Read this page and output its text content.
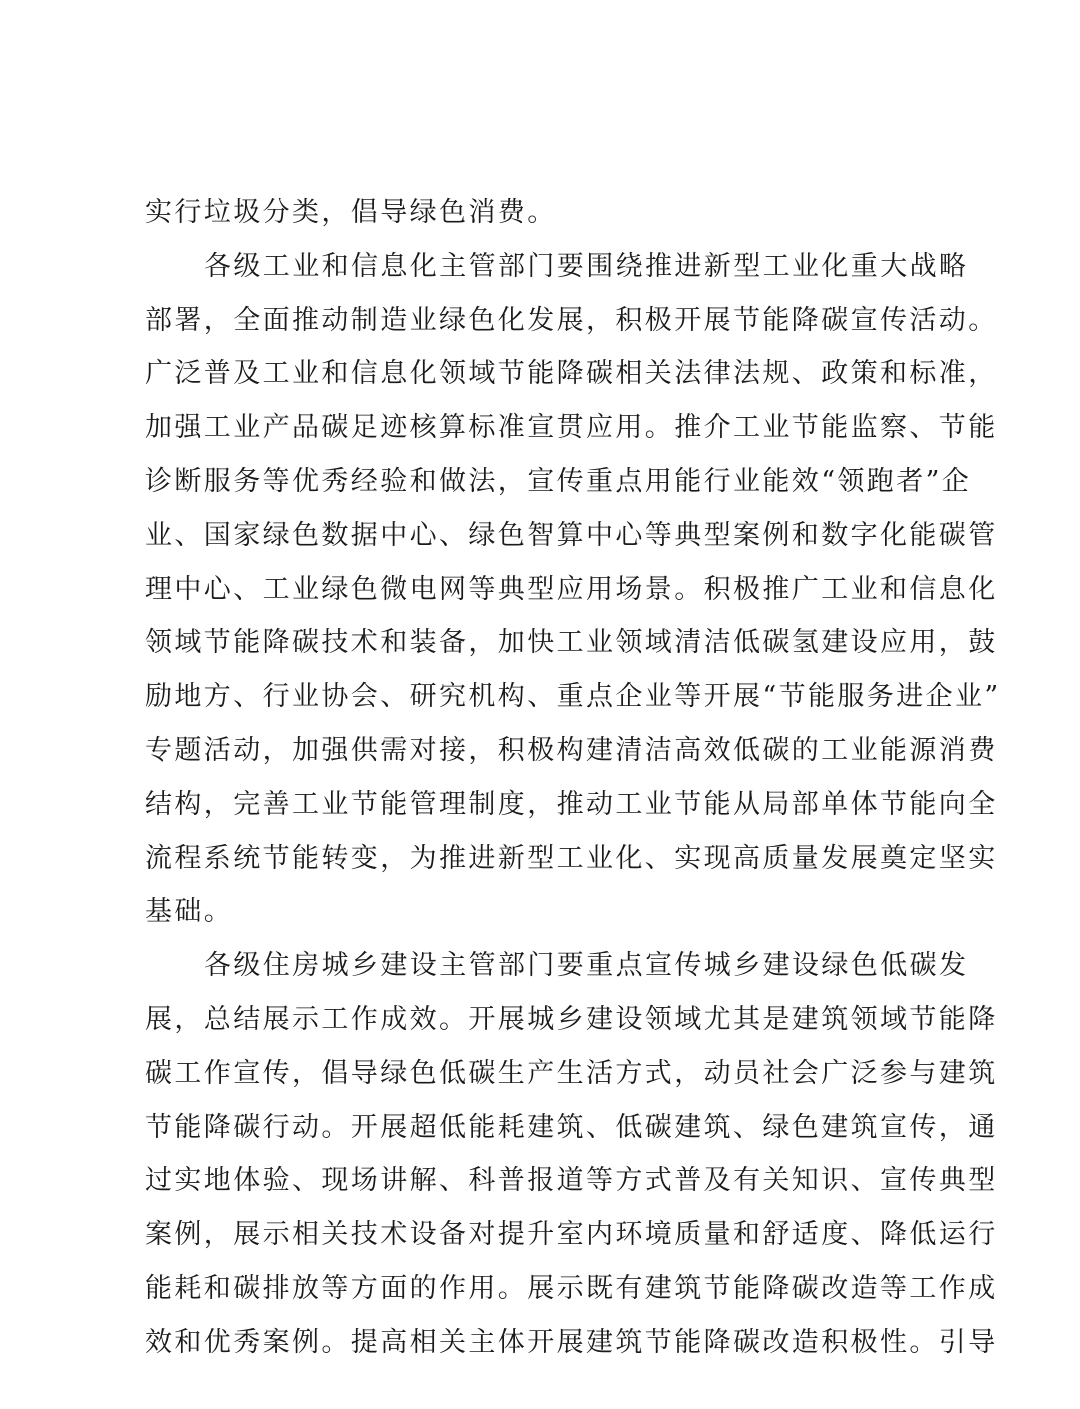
实行垃圾分类，倡导绿色消费。
各级工业和信息化主管部门要围绕推进新型工业化重大战略
部署，全面推动制造业绿色化发展，积极开展节能降碳宣传活动。
广泛普及工业和信息化领域节能降碳相关法律法规、政策和标准，
加强工业产品碳足迹核算标准宣贯应用。推介工业节能监察、节能
诊断服务等优秀经验和做法，宣传重点用能行业能效“领跑者”企
业、国家绿色数据中心、绿色智算中心等典型案例和数字化能碳管
理中心、工业绿色微电网等典型应用场景。积极推广工业和信息化
领域节能降碳技术和装备，加快工业领域清洁低碳氢建设应用，鼓
励地方、行业协会、研究机构、重点企业等开展“节能服务进企业”
专题活动，加强供需对接，积极构建清洁高效低碳的工业能源消费
结构，完善工业节能管理制度，推动工业节能从局部单体节能向全
流程系统节能转变，为推进新型工业化、实现高质量发展奠定坚实
基础。
各级住房城乡建设主管部门要重点宣传城乡建设绿色低碳发
展，总结展示工作成效。开展城乡建设领域尤其是建筑领域节能降
碳工作宣传，倡导绿色低碳生产生活方式，动员社会广泛参与建筑
节能降碳行动。开展超低能耗建筑、低碳建筑、绿色建筑宣传，通
过实地体验、现场讲解、科普报道等方式普及有关知识、宣传典型
案例，展示相关技术设备对提升室内环境质量和舒适度、降低运行
能耗和碳排放等方面的作用。展示既有建筑节能降碳改造等工作成
效和优秀案例。提高相关主体开展建筑节能降碳改造积极性。引导
